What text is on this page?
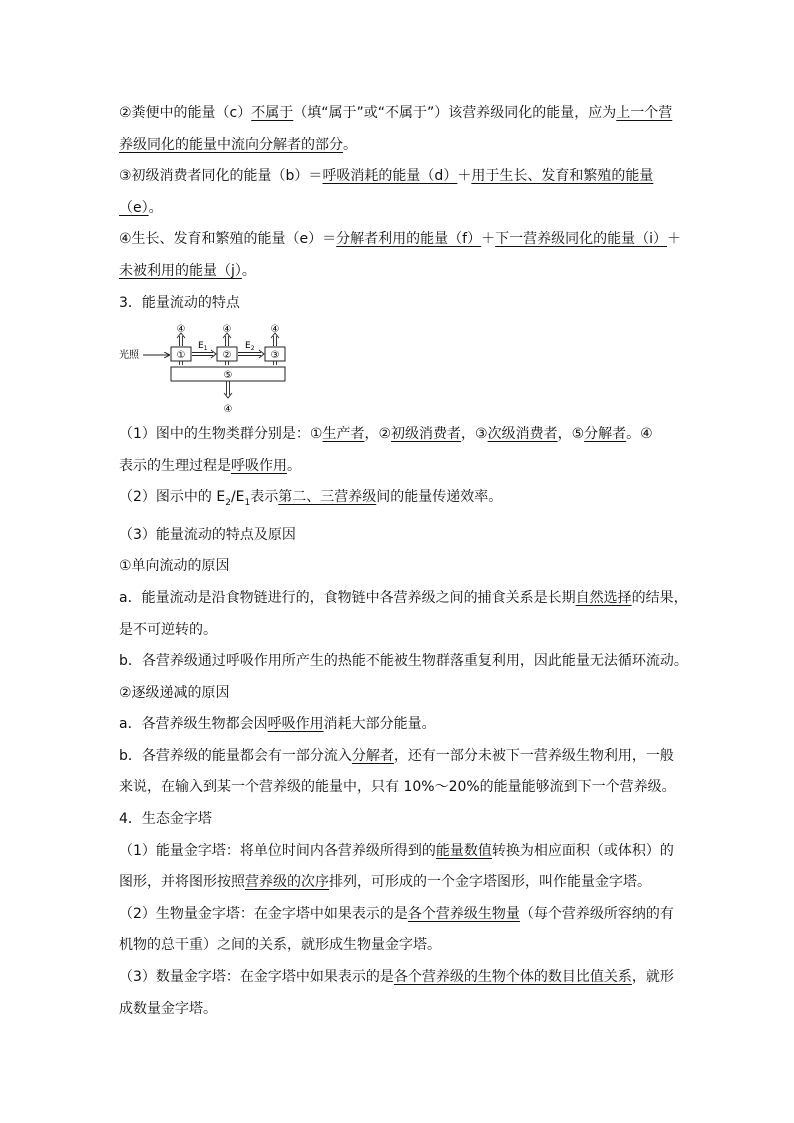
②粪便中的能量（c）不属于（填“属于”或“不属于”）该营养级同化的能量，应为上一个营

养级同化的能量中流向分解者的部分。

③初级消费者同化的能量（b）＝呼吸消耗的能量（d）＋用于生长、发育和繁殖的能量

（e）。

④生长、发育和繁殖的能量（e）＝分解者利用的能量（f）＋下一营养级同化的能量（i）＋

未被利用的能量（j）。

3．能量流动的特点

光照	①	②	③
⑤
④	④	④
④
$E_1$	$E_2$

（1）图中的生物类群分别是：①生产者，②初级消费者，③次级消费者，⑤分解者。④

表示的生理过程是呼吸作用。

（2）图示中的 $E_2/E_1$表示第二、三营养级间的能量传递效率。

（3）能量流动的特点及原因

①单向流动的原因

a．能量流动是沿食物链进行的，食物链中各营养级之间的捕食关系是长期自然选择的结果，

是不可逆转的。

b．各营养级通过呼吸作用所产生的热能不能被生物群落重复利用，因此能量无法循环流动。

②逐级递减的原因

a．各营养级生物都会因呼吸作用消耗大部分能量。

b．各营养级的能量都会有一部分流入分解者，还有一部分未被下一营养级生物利用，一般

来说，在输入到某一个营养级的能量中，只有 10%～20%的能量能够流到下一个营养级。

4．生态金字塔

（1）能量金字塔：将单位时间内各营养级所得到的能量数值转换为相应面积（或体积）的

图形，并将图形按照营养级的次序排列，可形成的一个金字塔图形，叫作能量金字塔。

（2）生物量金字塔：在金字塔中如果表示的是各个营养级生物量（每个营养级所容纳的有

机物的总干重）之间的关系，就形成生物量金字塔。

（3）数量金字塔：在金字塔中如果表示的是各个营养级的生物个体的数目比值关系，就形

成数量金字塔。
